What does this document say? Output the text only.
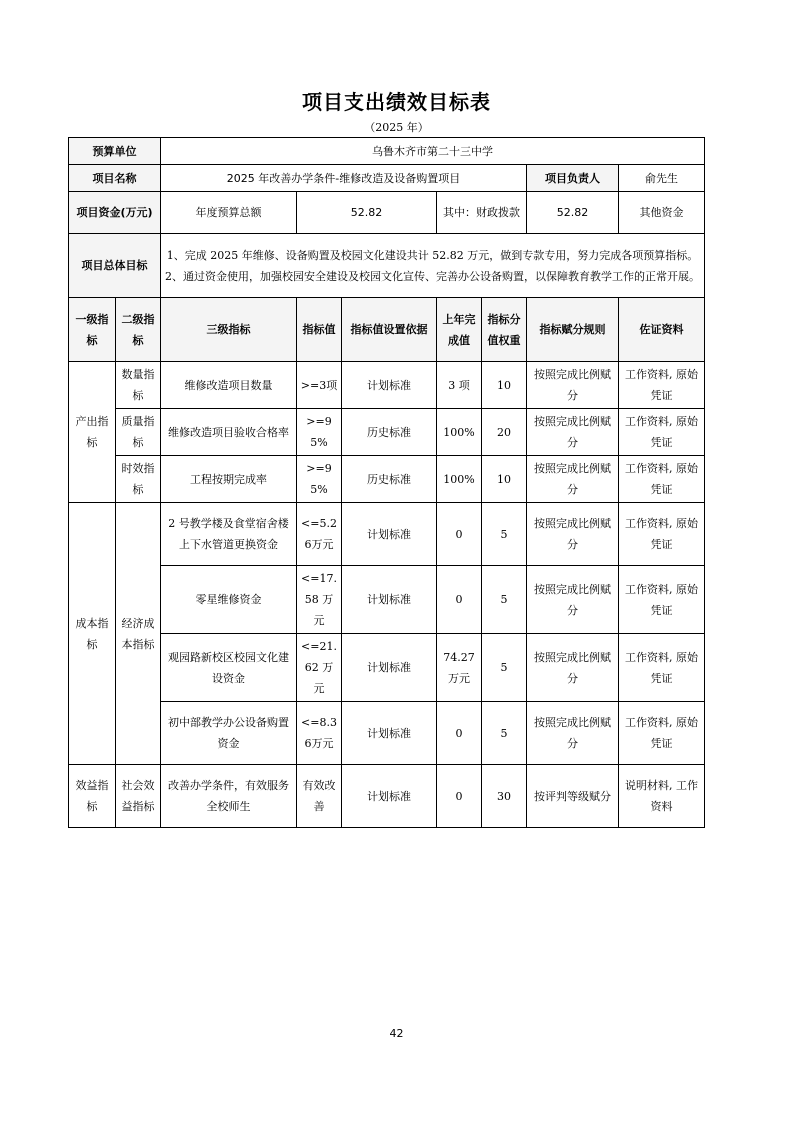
项目支出绩效目标表
（2025 年）
预算单位		乌鲁木齐市第二十三中学						
项目名称		2025 年改善办学条件-维修改造及设备购置项目					项目负责人	俞先生
项目资金(万元)		年度预算总额	52.82		其中：财政拨款		52.82	其他资金
项目总体目标		1、完成 2025 年维修、设备购置及校园文化建设共计 52.82 万元，做到专款专用，努力完成各项预算指标。 2、通过资金使用，加强校园安全建设及校园文化宣传、完善办公设备购置，以保障教育教学工作的正常开展。						
一级指标	二级指标	三级指标	指标值	指标值设置依据	上年完成值	指标分值权重	指标赋分规则	佐证资料
产出指标	数量指标	维修改造项目数量	>=3项	计划标准	3 项	10	按照完成比例赋分	工作资料, 原始凭证
	质量指标	维修改造项目验收合格率	>=95%	历史标准	100%	20	按照完成比例赋分	工作资料, 原始凭证
	时效指标	工程按期完成率	>=95%	历史标准	100%	10	按照完成比例赋分	工作资料, 原始凭证
成本指标	经济成本指标	2 号教学楼及食堂宿舍楼上下水管道更换资金	<=5.26万元	计划标准	0	5	按照完成比例赋分	工作资料, 原始凭证
		零星维修资金	<=17.58 万元	计划标准	0	5	按照完成比例赋分	工作资料, 原始凭证
		观园路新校区校园文化建设资金	<=21.62 万元	计划标准	74.27 万元	5	按照完成比例赋分	工作资料, 原始凭证
		初中部教学办公设备购置资金	<=8.36万元	计划标准	0	5	按照完成比例赋分	工作资料, 原始凭证
效益指标	社会效益指标	改善办学条件，有效服务全校师生	有效改善	计划标准	0	30	按评判等级赋分	说明材料, 工作资料
42
